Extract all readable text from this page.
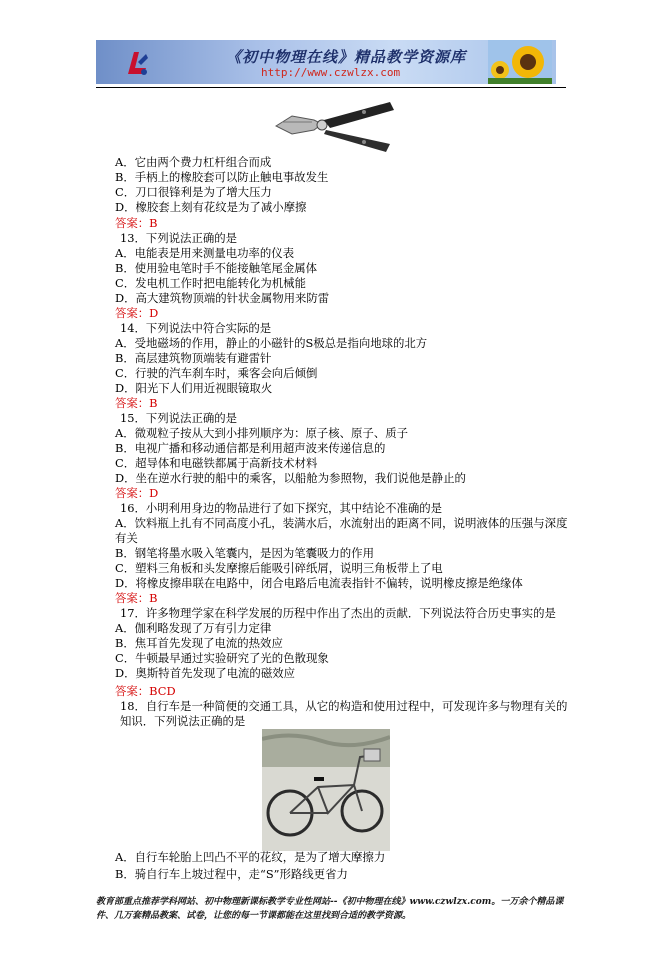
《初中物理在线》精品教学资源库
http://www.czwlzx.com
A．它由两个费力杠杆组合而成
B．手柄上的橡胶套可以防止触电事故发生
C．刀口很锋利是为了增大压力
D．橡胶套上刻有花纹是为了减小摩擦
答案：B
13．下列说法正确的是
A．电能表是用来测量电功率的仪表
B．使用验电笔时手不能接触笔尾金属体
C．发电机工作时把电能转化为机械能
D．高大建筑物顶端的针状金属物用来防雷
答案：D
14．下列说法中符合实际的是
A．受地磁场的作用，静止的小磁针的S极总是指向地球的北方
B．高层建筑物顶端装有避雷针
C．行驶的汽车刹车时，乘客会向后倾倒
D．阳光下人们用近视眼镜取火
答案：B
15．下列说法正确的是
A．微观粒子按从大到小排列顺序为：原子核、原子、质子
B．电视广播和移动通信都是利用超声波来传递信息的
C．超导体和电磁铁都属于高新技术材料
D．坐在逆水行驶的船中的乘客，以船舱为参照物，我们说他是静止的
答案：D
16．小明利用身边的物品进行了如下探究，其中结论不准确的是
A．饮料瓶上扎有不同高度小孔，装满水后，水流射出的距离不同，说明液体的压强与深度有关
B．钢笔将墨水吸入笔囊内，是因为笔囊吸力的作用
C．塑料三角板和头发摩擦后能吸引碎纸屑，说明三角板带上了电
D．将橡皮擦串联在电路中，闭合电路后电流表指针不偏转，说明橡皮擦是绝缘体
答案：B
17．许多物理学家在科学发展的历程中作出了杰出的贡献．下列说法符合历史事实的是
A．伽利略发现了万有引力定律
B．焦耳首先发现了电流的热效应
C．牛顿最早通过实验研究了光的色散现象
D．奥斯特首先发现了电流的磁效应
答案：BCD
18．自行车是一种简便的交通工具，从它的构造和使用过程中，可发现许多与物理有关的知识．下列说法正确的是
A．自行车轮胎上凹凸不平的花纹，是为了增大摩擦力
B．骑自行车上坡过程中，走“S”形路线更省力
教育部重点推荐学科网站、初中物理新课标教学专业性网站--《初中物理在线》www.czwlzx.com。一万余个精品课件、几万套精品教案、试卷，让您的每一节课都能在这里找到合适的教学资源。
